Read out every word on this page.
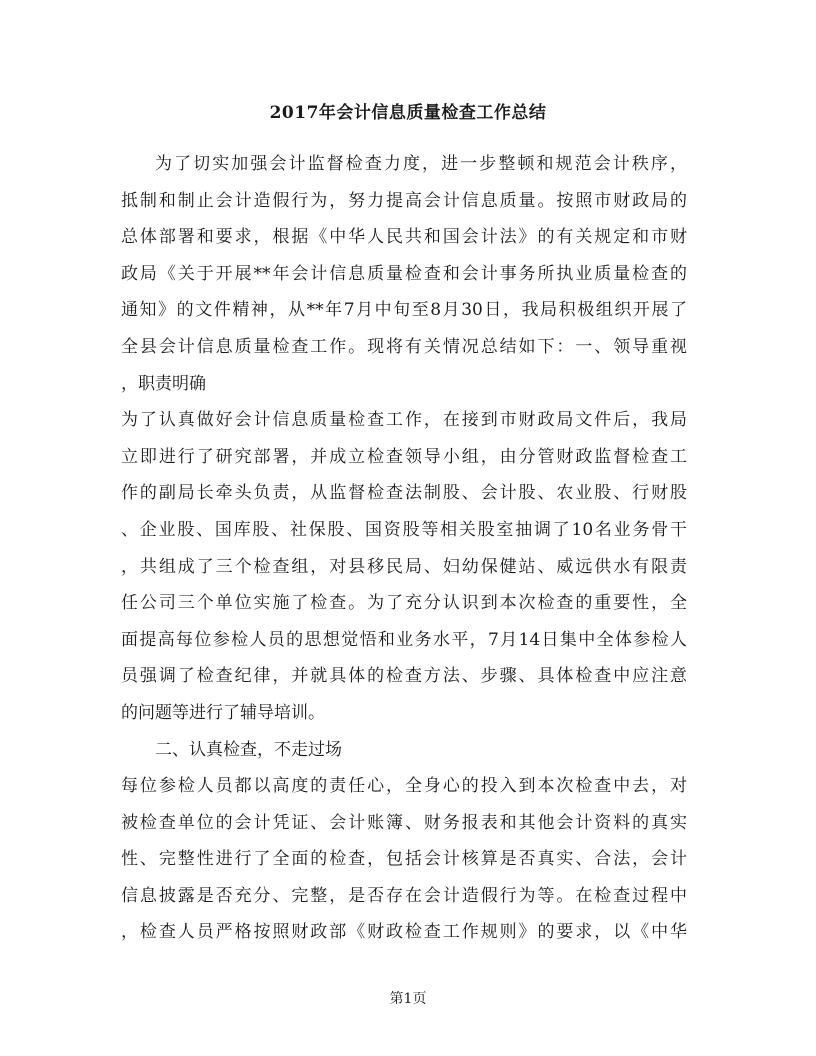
2017年会计信息质量检查工作总结
为了切实加强会计监督检查力度，进一步整顿和规范会计秩序，
抵制和制止会计造假行为，努力提高会计信息质量。按照市财政局的
总体部署和要求，根据《中华人民共和国会计法》的有关规定和市财
政局《关于开展**年会计信息质量检查和会计事务所执业质量检查的
通知》的文件精神，从**年7月中旬至8月30日，我局积极组织开展了
全县会计信息质量检查工作。现将有关情况总结如下：一、领导重视
，职责明确
为了认真做好会计信息质量检查工作，在接到市财政局文件后，我局
立即进行了研究部署，并成立检查领导小组，由分管财政监督检查工
作的副局长牵头负责，从监督检查法制股、会计股、农业股、行财股
、企业股、国库股、社保股、国资股等相关股室抽调了10名业务骨干
，共组成了三个检查组，对县移民局、妇幼保健站、威远供水有限责
任公司三个单位实施了检查。为了充分认识到本次检查的重要性，全
面提高每位参检人员的思想觉悟和业务水平，7月14日集中全体参检人
员强调了检查纪律，并就具体的检查方法、步骤、具体检查中应注意
的问题等进行了辅导培训。
二、认真检查，不走过场
每位参检人员都以高度的责任心，全身心的投入到本次检查中去，对
被检查单位的会计凭证、会计账簿、财务报表和其他会计资料的真实
性、完整性进行了全面的检查，包括会计核算是否真实、合法，会计
信息披露是否充分、完整，是否存在会计造假行为等。在检查过程中
，检查人员严格按照财政部《财政检查工作规则》的要求，以《中华
第1页
